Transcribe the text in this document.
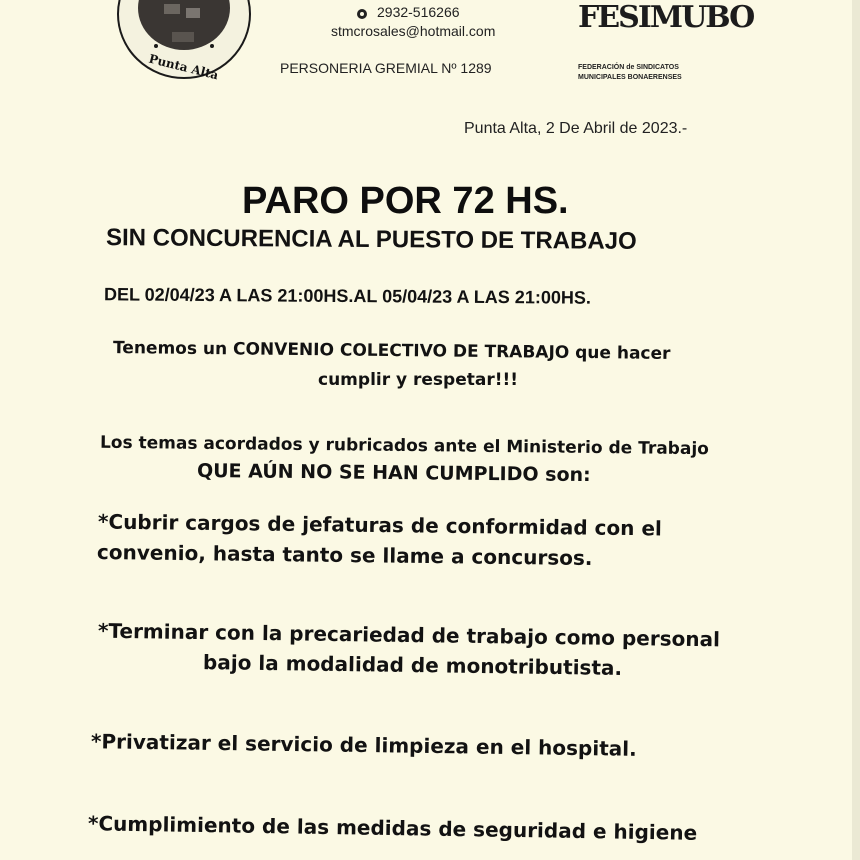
Punta Alta
2932-516266
stmcrosales@hotmail.com
PERSONERIA GREMIAL Nº 1289
FESIMUBO
FEDERACIÓN de SINDICATOS
MUNICIPALES BONAERENSES
Punta Alta, 2 De Abril de 2023.-
PARO POR 72 HS.
SIN CONCURENCIA AL PUESTO DE TRABAJO
DEL 02/04/23 A LAS 21:00HS.AL 05/04/23 A LAS 21:00HS.
Tenemos un CONVENIO COLECTIVO DE TRABAJO que hacer
cumplir y respetar!!!
Los temas acordados y rubricados ante el Ministerio de Trabajo
QUE AÚN NO SE HAN CUMPLIDO son:
*Cubrir cargos de jefaturas de conformidad con el
convenio, hasta tanto se llame a concursos.
*Terminar con la precariedad de trabajo como personal
bajo la modalidad de monotributista.
*Privatizar el servicio de limpieza en el hospital.
*Cumplimiento de las medidas de seguridad e higiene
